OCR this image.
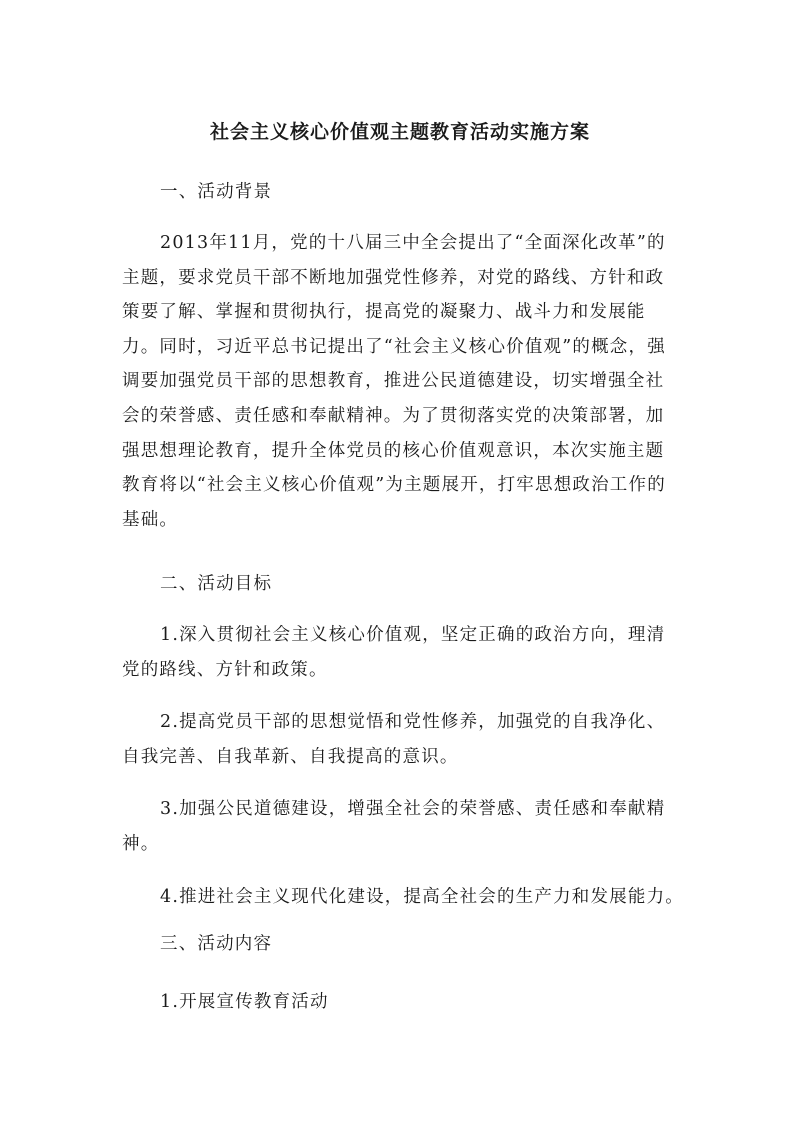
社会主义核心价值观主题教育活动实施方案
一、活动背景
2013年11月，党的十八届三中全会提出了“全面深化改革”的主题，要求党员干部不断地加强党性修养，对党的路线、方针和政策要了解、掌握和贯彻执行，提高党的凝聚力、战斗力和发展能力。同时，习近平总书记提出了“社会主义核心价值观”的概念，强调要加强党员干部的思想教育，推进公民道德建设，切实增强全社会的荣誉感、责任感和奉献精神。为了贯彻落实党的决策部署，加强思想理论教育，提升全体党员的核心价值观意识，本次实施主题教育将以“社会主义核心价值观”为主题展开，打牢思想政治工作的基础。
二、活动目标
1.深入贯彻社会主义核心价值观，坚定正确的政治方向，理清党的路线、方针和政策。
2.提高党员干部的思想觉悟和党性修养，加强党的自我净化、自我完善、自我革新、自我提高的意识。
3.加强公民道德建设，增强全社会的荣誉感、责任感和奉献精神。
4.推进社会主义现代化建设，提高全社会的生产力和发展能力。
三、活动内容
1.开展宣传教育活动
